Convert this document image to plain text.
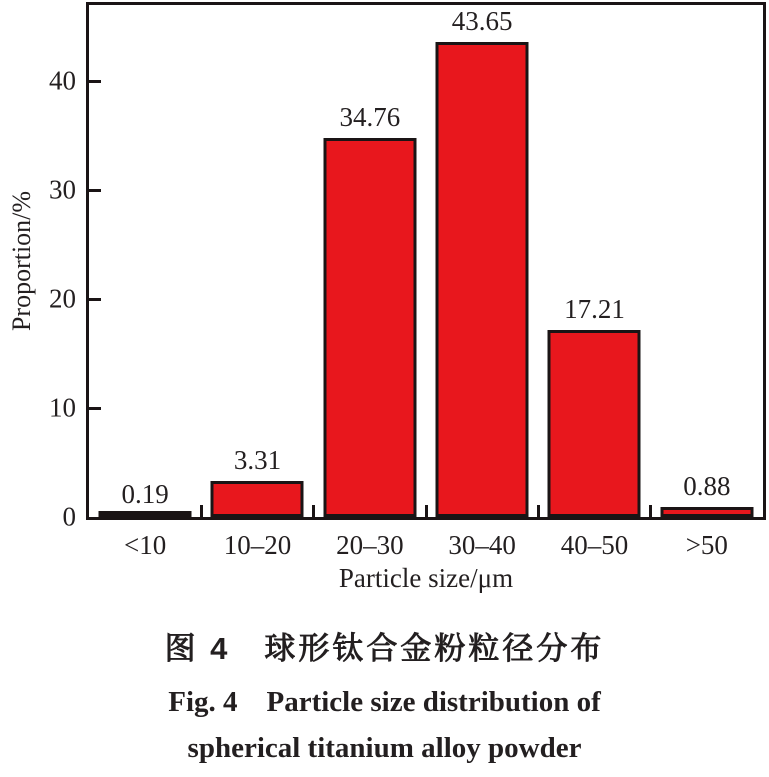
Proportion/%
0.19
3.31
34.76
43.65
17.21
0.88
Particle size/μm
0
10
20
30
40
<10	10–20	20–30	30–40	40–50	>50
图 4　球形钛合金粉粒径分布
Fig. 4　Particle size distribution of
spherical titanium alloy powder
